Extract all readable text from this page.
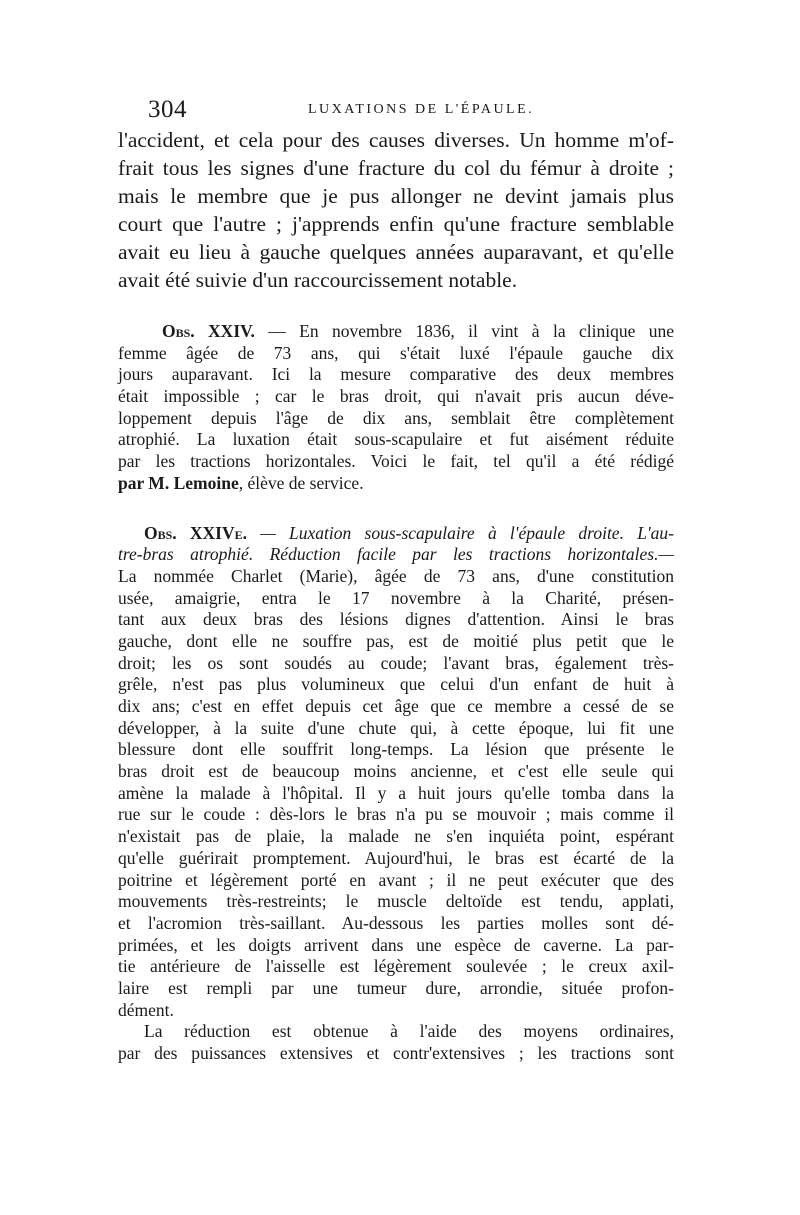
304	LUXATIONS DE L'ÉPAULE.
l'accident, et cela pour des causes diverses. Un homme m'of-
frait tous les signes d'une fracture du col du fémur à droite ;
mais le membre que je pus allonger ne devint jamais plus
court que l'autre ; j'apprends enfin qu'une fracture semblable
avait eu lieu à gauche quelques années auparavant, et qu'elle
avait été suivie d'un raccourcissement notable.
Obs. XXIV. — En novembre 1836, il vint à la clinique une
femme âgée de 73 ans, qui s'était luxé l'épaule gauche dix
jours auparavant. Ici la mesure comparative des deux membres
était impossible ; car le bras droit, qui n'avait pris aucun déve-
loppement depuis l'âge de dix ans, semblait être complètement
atrophié. La luxation était sous-scapulaire et fut aisément réduite
par les tractions horizontales. Voici le fait, tel qu'il a été rédigé
par M. Lemoine, élève de service.
Obs. XXIVe. — Luxation sous-scapulaire à l'épaule droite. L'au-
tre-bras atrophié. Réduction facile par les tractions horizontales.—
La nommée Charlet (Marie), âgée de 73 ans, d'une constitution
usée, amaigrie, entra le 17 novembre à la Charité, présen-
tant aux deux bras des lésions dignes d'attention. Ainsi le bras
gauche, dont elle ne souffre pas, est de moitié plus petit que le
droit; les os sont soudés au coude; l'avant bras, également très-
grêle, n'est pas plus volumineux que celui d'un enfant de huit à
dix ans; c'est en effet depuis cet âge que ce membre a cessé de se
développer, à la suite d'une chute qui, à cette époque, lui fit une
blessure dont elle souffrit long-temps. La lésion que présente le
bras droit est de beaucoup moins ancienne, et c'est elle seule qui
amène la malade à l'hôpital. Il y a huit jours qu'elle tomba dans la
rue sur le coude : dès-lors le bras n'a pu se mouvoir ; mais comme il
n'existait pas de plaie, la malade ne s'en inquiéta point, espérant
qu'elle guérirait promptement. Aujourd'hui, le bras est écarté de la
poitrine et légèrement porté en avant ; il ne peut exécuter que des
mouvements très-restreints; le muscle deltoïde est tendu, applati,
et l'acromion très-saillant. Au-dessous les parties molles sont dé-
primées, et les doigts arrivent dans une espèce de caverne. La par-
tie antérieure de l'aisselle est légèrement soulevée ; le creux axil-
laire est rempli par une tumeur dure, arrondie, située profon-
dément.
La réduction est obtenue à l'aide des moyens ordinaires,
par des puissances extensives et contr'extensives ; les tractions sont
